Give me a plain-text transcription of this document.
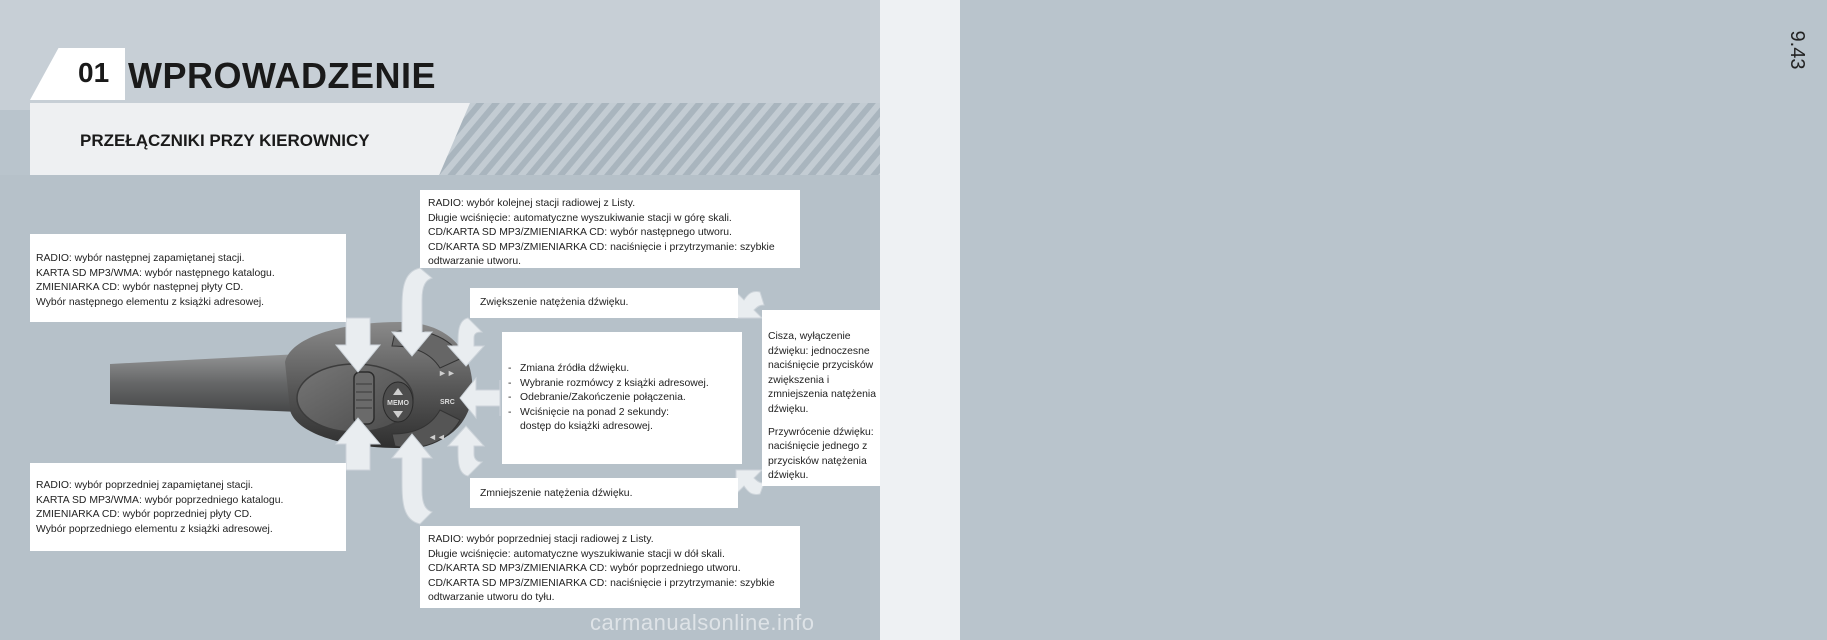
9.43
01 WPROWADZENIE
PRZEŁĄCZNIKI PRZY KIEROWNICY
MEMO
►►
◄◄
SRC

RADIO: wybór kolejnej stacji radiowej z Listy.

Długie wciśnięcie: automatyczne wyszukiwanie stacji w górę skali.

CD/KARTA SD MP3/ZMIENIARKA CD: wybór następnego utworu.

CD/KARTA SD MP3/ZMIENIARKA CD: naciśnięcie i przytrzymanie: szybkie odtwarzanie utworu.

RADIO: wybór następnej zapamiętanej stacji.

KARTA SD MP3/WMA: wybór następnego katalogu.

ZMIENIARKA CD: wybór następnej płyty CD.

Wybór następnego elementu z książki adresowej.	Zwiększenie natężenia dźwięku.
- Zmiana źródła dźwięku.
- Wybranie rozmówcy z książki adresowej.
- Odebranie/Zakończenie połączenia.
- Wciśnięcie na ponad 2 sekundy:

dostęp do książki adresowej.

Cisza, wyłączenie dźwięku: jednoczesne naciśnięcie przycisków zwiększenia i zmniejszenia natężenia dźwięku.

Przywrócenie dźwięku: naciśnięcie jednego z przycisków natężenia dźwięku.

Zmniejszenie natężenia dźwięku.

RADIO: wybór poprzedniej zapamiętanej stacji.

KARTA SD MP3/WMA: wybór poprzedniego katalogu.

ZMIENIARKA CD: wybór poprzedniej płyty CD.

Wybór poprzedniego elementu z książki adresowej.

RADIO: wybór poprzedniej stacji radiowej z Listy.

Długie wciśnięcie: automatyczne wyszukiwanie stacji w dół skali.

CD/KARTA SD MP3/ZMIENIARKA CD: wybór poprzedniego utworu.

CD/KARTA SD MP3/ZMIENIARKA CD: naciśnięcie i przytrzymanie: szybkie odtwarzanie utworu do tyłu.

carmanualsonline.info
